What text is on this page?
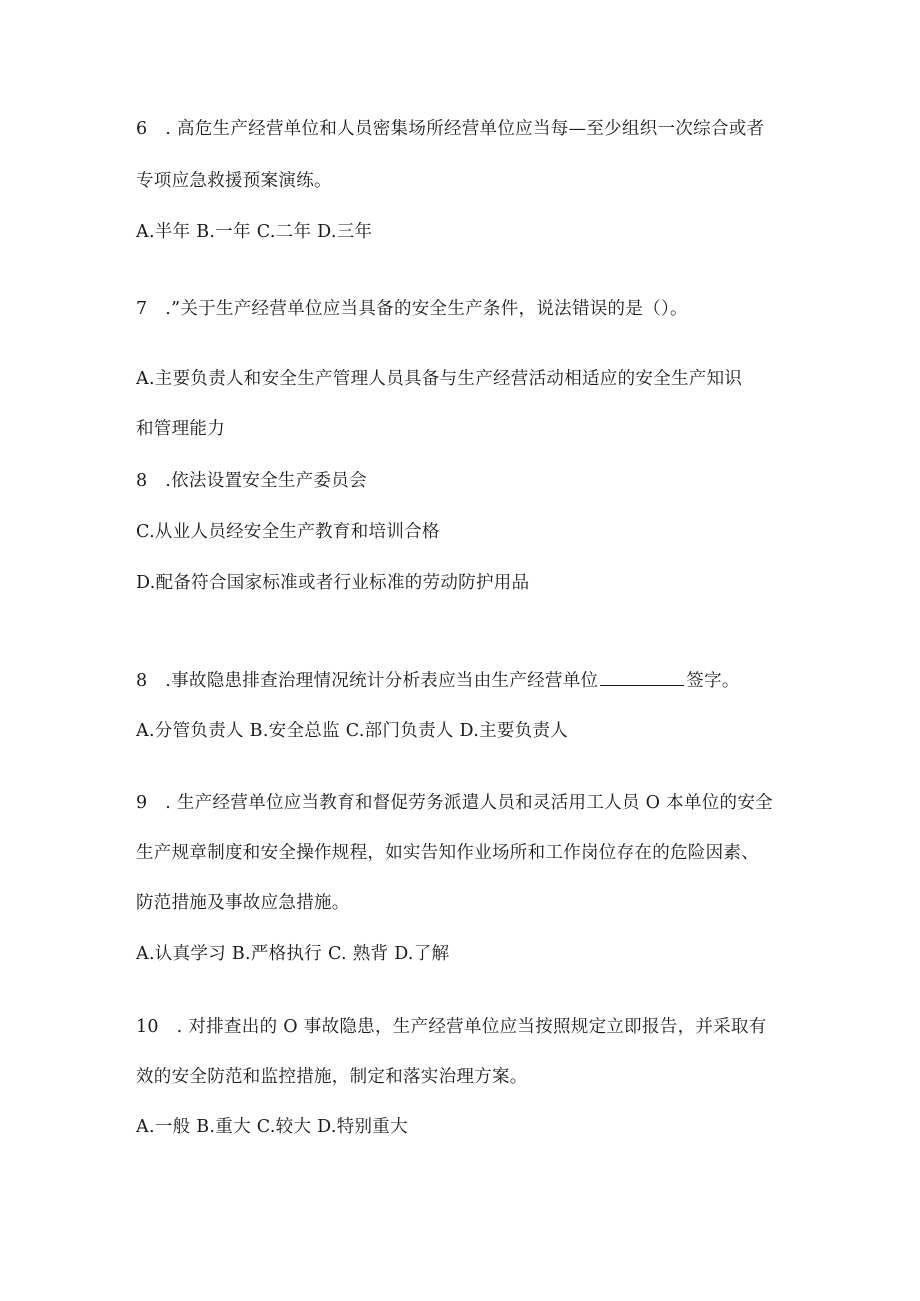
6　. 高危生产经营单位和人员密集场所经营单位应当每—至少组织一次综合或者
专项应急救援预案演练。
A.半年 B.一年 C.二年 D.三年
7　.”关于生产经营单位应当具备的安全生产条件，说法错误的是（）。
A.主要负责人和安全生产管理人员具备与生产经营活动相适应的安全生产知识
和管理能力
8　.依法设置安全生产委员会
C.从业人员经安全生产教育和培训合格
D.配备符合国家标准或者行业标准的劳动防护用品
8　.事故隐患排查治理情况统计分析表应当由生产经营单位	签字。
A.分管负责人 B.安全总监 C.部门负责人 D.主要负责人
9　. 生产经营单位应当教育和督促劳务派遣人员和灵活用工人员 O 本单位的安全
生产规章制度和安全操作规程，如实告知作业场所和工作岗位存在的危险因素、
防范措施及事故应急措施。
A.认真学习 B.严格执行 C. 熟背 D.了解
10　. 对排查出的 O 事故隐患，生产经营单位应当按照规定立即报告，并采取有
效的安全防范和监控措施，制定和落实治理方案。
A.一般 B.重大 C.较大 D.特别重大
